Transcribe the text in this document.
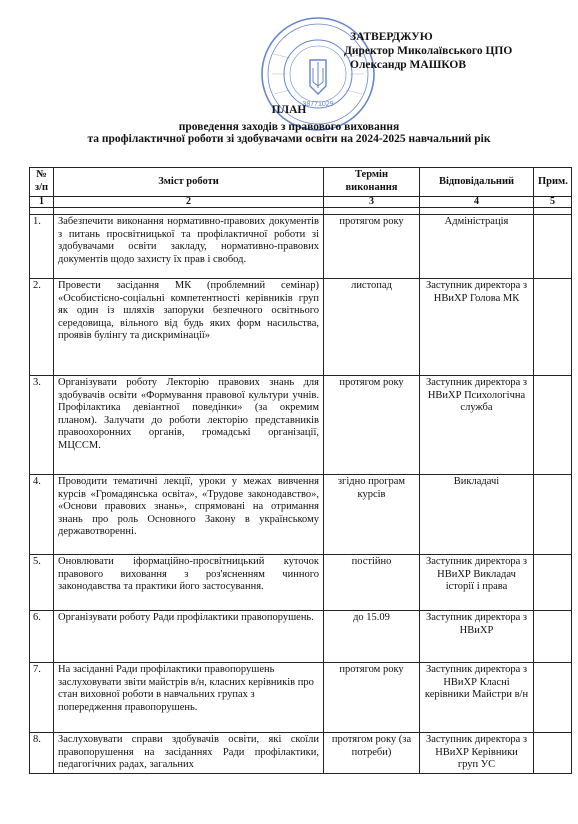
38771029
ЗАТВЕРДЖУЮ
Директор Миколаївського ЦПО
Олександр МАШКОВ
ПЛАН
проведення заходів з правового виховання
та профілактичної роботи зі здобувачами освіти на 2024-2025 навчальний рік
№ з/п	Зміст роботи	Термін виконання	Відповідальний	Прим.
1	2	3	4	5

1.	Забезпечити виконання нормативно-правових документів з питань просвітницької та профілактичної роботи зі здобувачами освіти закладу, нормативно-правових документів щодо захисту їх прав і свобод.	протягом року	Адміністрація	
2.	Провести засідання МК (проблемний семінар) «Особистісно-соціальні компетентності керівників груп як один із шляхів запоруки безпечного освітнього середовища, вільного від будь яких форм насильства, проявів булінгу та дискримінації»	листопад	Заступник директора з НВиХР Голова МК	
3.	Організувати роботу Лекторію правових знань для здобувачів освіти «Формування правової культури учнів. Профілактика девіантної поведінки» (за окремим планом). Залучати до роботи лекторію представників правоохоронних органів, громадські організації, МЦССМ.	протягом року	Заступник директора з НВиХР Психологічна служба	
4.	Проводити тематичні лекції, уроки у межах вивчення курсів «Громадянська освіта», «Трудове законодавство», «Основи правових знань», спрямовані на отримання знань про роль Основного Закону в українському державотворенні.	згідно програм курсів	Викладачі	
5.	Оновлювати іформаційно-просвітницький куточок правового виховання з роз'ясненням чинного законодавства та практики його застосування.	постійно	Заступник директора з НВиХР Викладач історії і права	
6.	Організувати роботу Ради профілактики правопорушень.	до 15.09	Заступник директора з НВиХР	
7.	На засіданні Ради профілактики правопорушень заслуховувати звіти майстрів в/н, класних керівників про стан виховної роботи в навчальних групах з попередження правопорушень.	протягом року	Заступник директора з НВиХР Класні керівники Майстри в/н	
8.	Заслуховувати справи здобувачів освіти, які скоїли правопорушення на засіданнях Ради профілактики, педагогічних радах, загальних	протягом року (за потреби)	Заступник директора з НВиХР Керівники груп УС	
